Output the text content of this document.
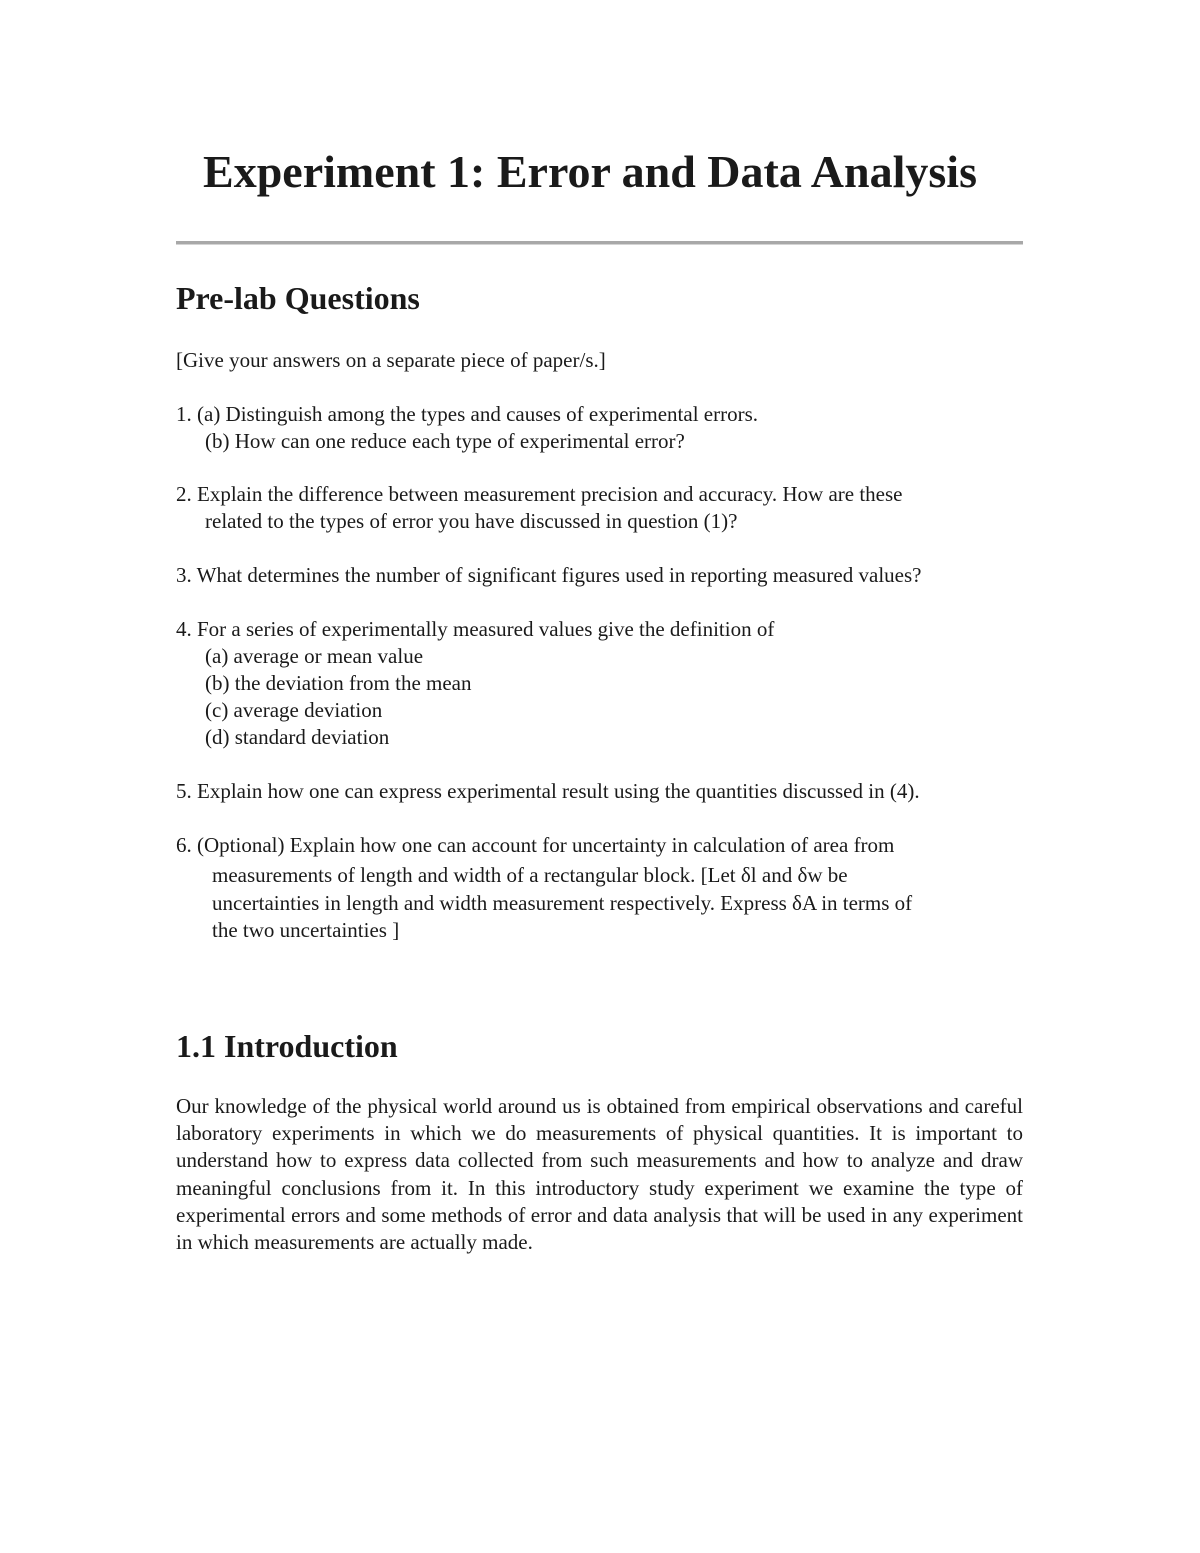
Experiment 1: Error and Data Analysis
Pre-lab Questions

[Give your answers on a separate piece of paper/s.]

1. (a) Distinguish among the types and causes of experimental errors.

(b) How can one reduce each type of experimental error?

2. Explain the difference between measurement precision and accuracy. How are these

related to the types of error you have discussed in question (1)?

3. What determines the number of significant figures used in reporting measured values?

4. For a series of experimentally measured values give the definition of

(a) average or mean value

(b) the deviation from the mean

(c) average deviation

(d) standard deviation

5. Explain how one can express experimental result using the quantities discussed in (4).

6. (Optional) Explain how one can account for uncertainty in calculation of area from

measurements of length and width of a rectangular block. [Let δl and δw be

uncertainties in length and width measurement respectively. Express δA in terms of

the two uncertainties ]

1.1 Introduction

Our knowledge of the physical world around us is obtained from empirical observations and careful laboratory experiments in which we do measurements of physical quantities. It is important to understand how to express data collected from such measurements and how to analyze and draw meaningful conclusions from it. In this introductory study experiment we examine the type of experimental errors and some methods of error and data analysis that will be used in any experiment in which measurements are actually made.
